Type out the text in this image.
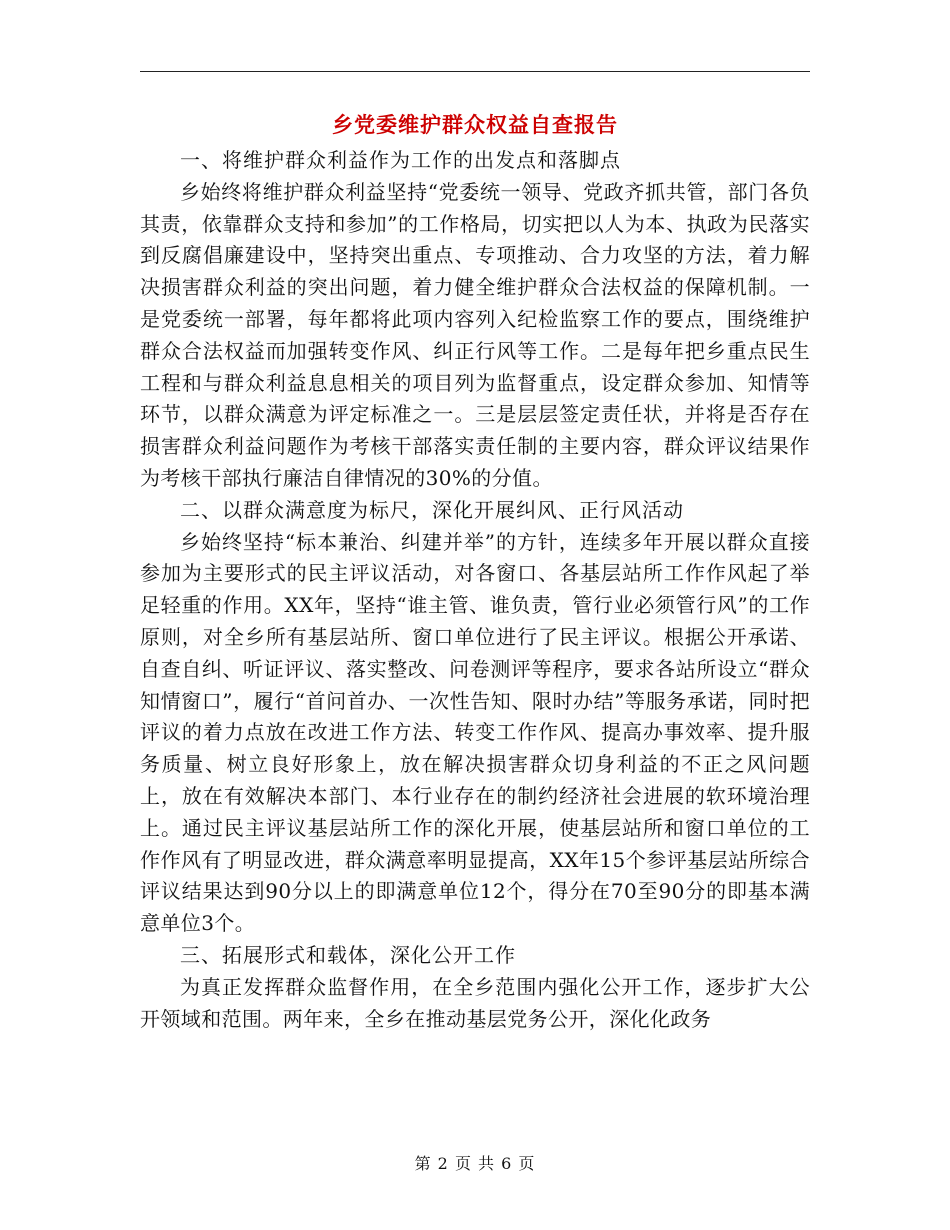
乡党委维护群众权益自查报告

一、将维护群众利益作为工作的出发点和落脚点

乡始终将维护群众利益坚持“党委统一领导、党政齐抓共管，部门各负其责，依靠群众支持和参加”的工作格局，切实把以人为本、执政为民落实到反腐倡廉建设中，坚持突出重点、专项推动、合力攻坚的方法，着力解决损害群众利益的突出问题，着力健全维护群众合法权益的保障机制。一是党委统一部署，每年都将此项内容列入纪检监察工作的要点，围绕维护群众合法权益而加强转变作风、纠正行风等工作。二是每年把乡重点民生工程和与群众利益息息相关的项目列为监督重点，设定群众参加、知情等环节，以群众满意为评定标准之一。三是层层签定责任状，并将是否存在损害群众利益问题作为考核干部落实责任制的主要内容，群众评议结果作为考核干部执行廉洁自律情况的30%的分值。

二、以群众满意度为标尺，深化开展纠风、正行风活动

乡始终坚持“标本兼治、纠建并举”的方针，连续多年开展以群众直接参加为主要形式的民主评议活动，对各窗口、各基层站所工作作风起了举足轻重的作用。XX年，坚持“谁主管、谁负责，管行业必须管行风”的工作原则，对全乡所有基层站所、窗口单位进行了民主评议。根据公开承诺、自查自纠、听证评议、落实整改、问卷测评等程序，要求各站所设立“群众知情窗口”，履行“首问首办、一次性告知、限时办结”等服务承诺，同时把评议的着力点放在改进工作方法、转变工作作风、提高办事效率、提升服务质量、树立良好形象上，放在解决损害群众切身利益的不正之风问题上，放在有效解决本部门、本行业存在的制约经济社会进展的软环境治理上。通过民主评议基层站所工作的深化开展，使基层站所和窗口单位的工作作风有了明显改进，群众满意率明显提高，XX年15个参评基层站所综合评议结果达到90分以上的即满意单位12个，得分在70至90分的即基本满意单位3个。

三、拓展形式和载体，深化公开工作

为真正发挥群众监督作用，在全乡范围内强化公开工作，逐步扩大公开领域和范围。两年来，全乡在推动基层党务公开，深化化政务

第 2 页 共 6 页
